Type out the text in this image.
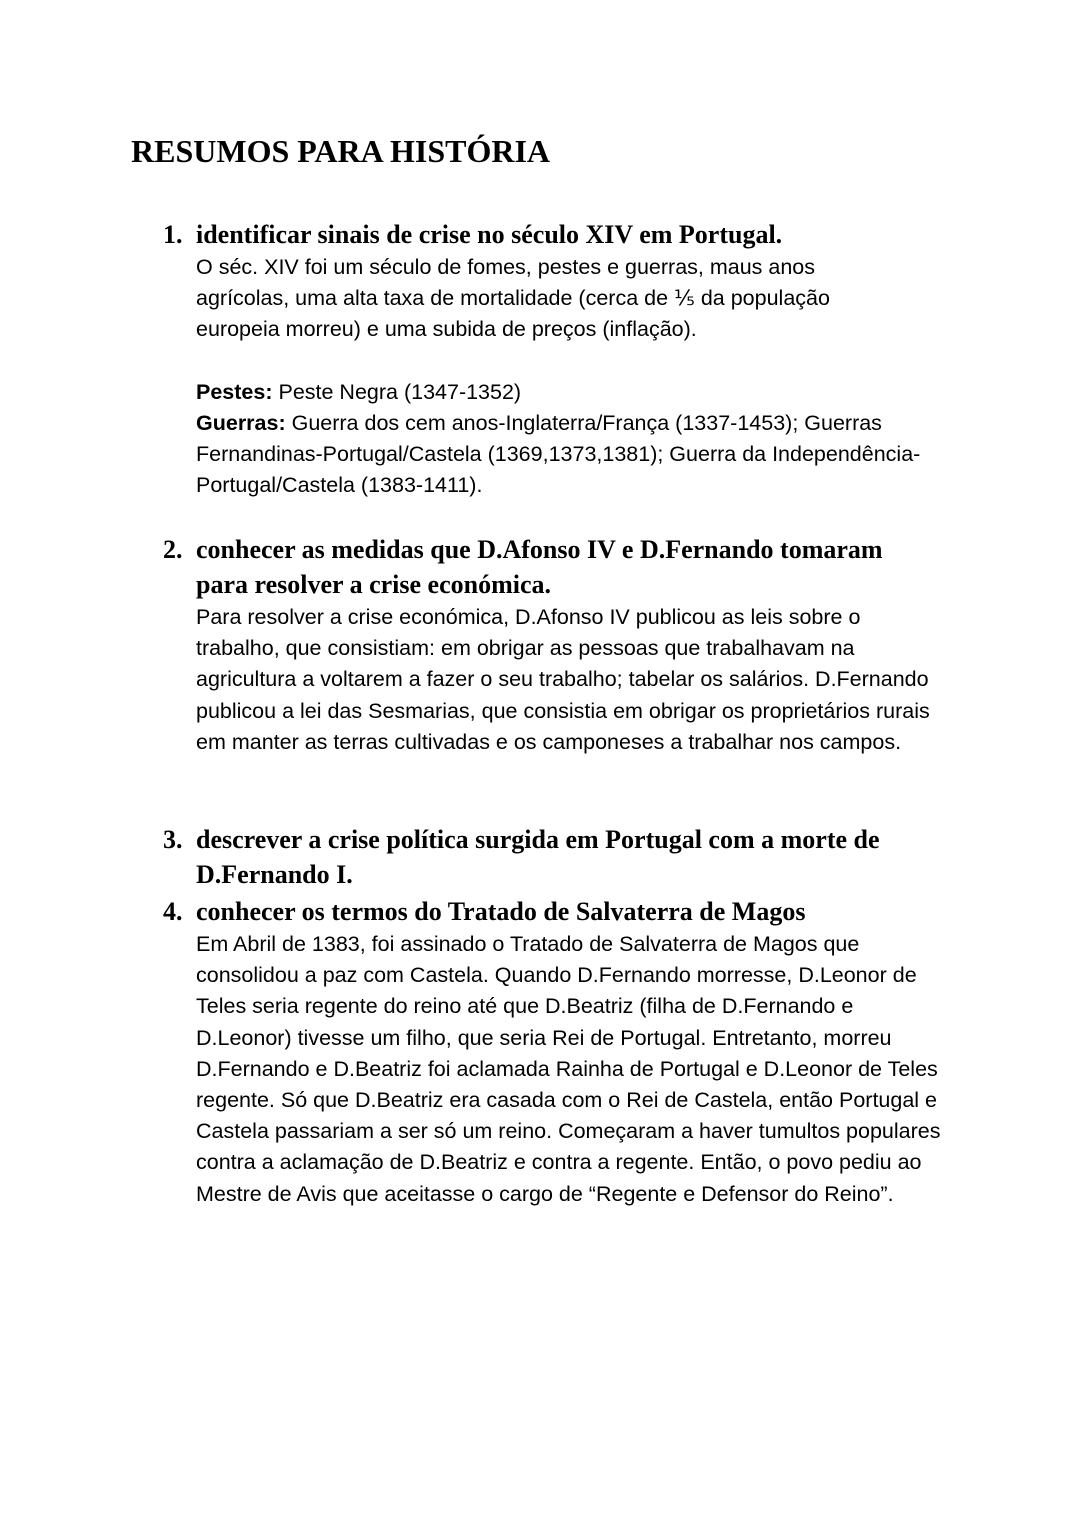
RESUMOS PARA HISTÓRIA
1. identificar sinais de crise no século XIV em Portugal.

O séc. XIV foi um século de fomes, pestes e guerras, maus anos agrícolas, uma alta taxa de mortalidade (cerca de ⅕ da população europeia morreu) e uma subida de preços (inflação).

Pestes: Peste Negra (1347-1352)

Guerras: Guerra dos cem anos-Inglaterra/França (1337-1453); Guerras Fernandinas-Portugal/Castela (1369,1373,1381); Guerra da Independência-Portugal/Castela (1383-1411).

2. conhecer as medidas que D.Afonso IV e D.Fernando tomaram para resolver a crise económica.

Para resolver a crise económica, D.Afonso IV publicou as leis sobre o trabalho, que consistiam: em obrigar as pessoas que trabalhavam na agricultura a voltarem a fazer o seu trabalho; tabelar os salários. D.Fernando publicou a lei das Sesmarias, que consistia em obrigar os proprietários rurais em manter as terras cultivadas e os camponeses a trabalhar nos campos.

3. descrever a crise política surgida em Portugal com a morte de D.Fernando I.
4. conhecer os termos do Tratado de Salvaterra de Magos

Em Abril de 1383, foi assinado o Tratado de Salvaterra de Magos que consolidou a paz com Castela. Quando D.Fernando morresse, D.Leonor de Teles seria regente do reino até que D.Beatriz (filha de D.Fernando e D.Leonor) tivesse um filho, que seria Rei de Portugal. Entretanto, morreu D.Fernando e D.Beatriz foi aclamada Rainha de Portugal e D.Leonor de Teles regente. Só que D.Beatriz era casada com o Rei de Castela, então Portugal e Castela passariam a ser só um reino. Começaram a haver tumultos populares contra a aclamação de D.Beatriz e contra a regente. Então, o povo pediu ao Mestre de Avis que aceitasse o cargo de “Regente e Defensor do Reino”.
